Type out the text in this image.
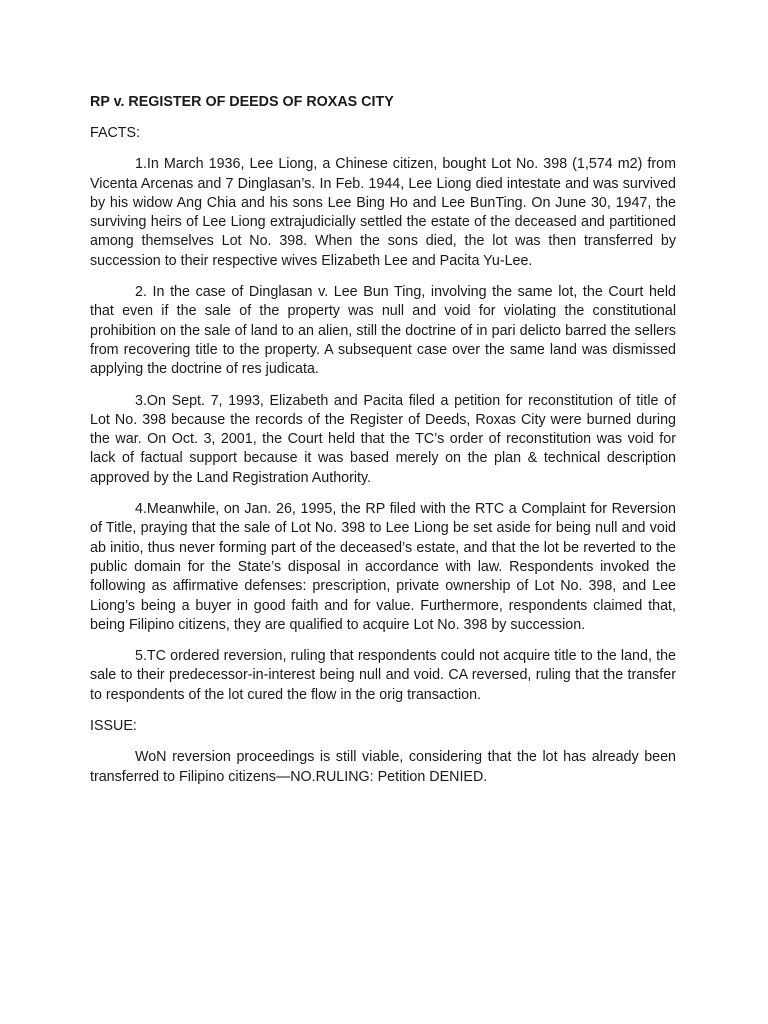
RP v. REGISTER OF DEEDS OF ROXAS CITY
FACTS:
1.In March 1936, Lee Liong, a Chinese citizen, bought Lot No. 398 (1,574 m2) from Vicenta Arcenas and 7 Dinglasan’s. In Feb. 1944, Lee Liong died intestate and was survived by his widow Ang Chia and his sons Lee Bing Ho and Lee BunTing. On June 30, 1947, the surviving heirs of Lee Liong extrajudicially settled the estate of the deceased and partitioned among themselves Lot No. 398. When the sons died, the lot was then transferred by succession to their respective wives Elizabeth Lee and Pacita Yu-Lee.
2. In the case of Dinglasan v. Lee Bun Ting, involving the same lot, the Court held that even if the sale of the property was null and void for violating the constitutional prohibition on the sale of land to an alien, still the doctrine of in pari delicto barred the sellers from recovering title to the property. A subsequent case over the same land was dismissed applying the doctrine of res judicata.
3.On Sept. 7, 1993, Elizabeth and Pacita filed a petition for reconstitution of title of Lot No. 398 because the records of the Register of Deeds, Roxas City were burned during the war. On Oct. 3, 2001, the Court held that the TC’s order of reconstitution was void for lack of factual support because it was based merely on the plan & technical description approved by the Land Registration Authority.
4.Meanwhile, on Jan. 26, 1995, the RP filed with the RTC a Complaint for Reversion of Title, praying that the sale of Lot No. 398 to Lee Liong be set aside for being null and void ab initio, thus never forming part of the deceased’s estate, and that the lot be reverted to the public domain for the State’s disposal in accordance with law. Respondents invoked the following as affirmative defenses: prescription, private ownership of Lot No. 398, and Lee Liong’s being a buyer in good faith and for value. Furthermore, respondents claimed that, being Filipino citizens, they are qualified to acquire Lot No. 398 by succession.
5.TC ordered reversion, ruling that respondents could not acquire title to the land, the sale to their predecessor-in-interest being null and void. CA reversed, ruling that the transfer to respondents of the lot cured the flow in the orig transaction.
ISSUE:
WoN reversion proceedings is still viable, considering that the lot has already been transferred to Filipino citizens—NO.RULING: Petition DENIED.
